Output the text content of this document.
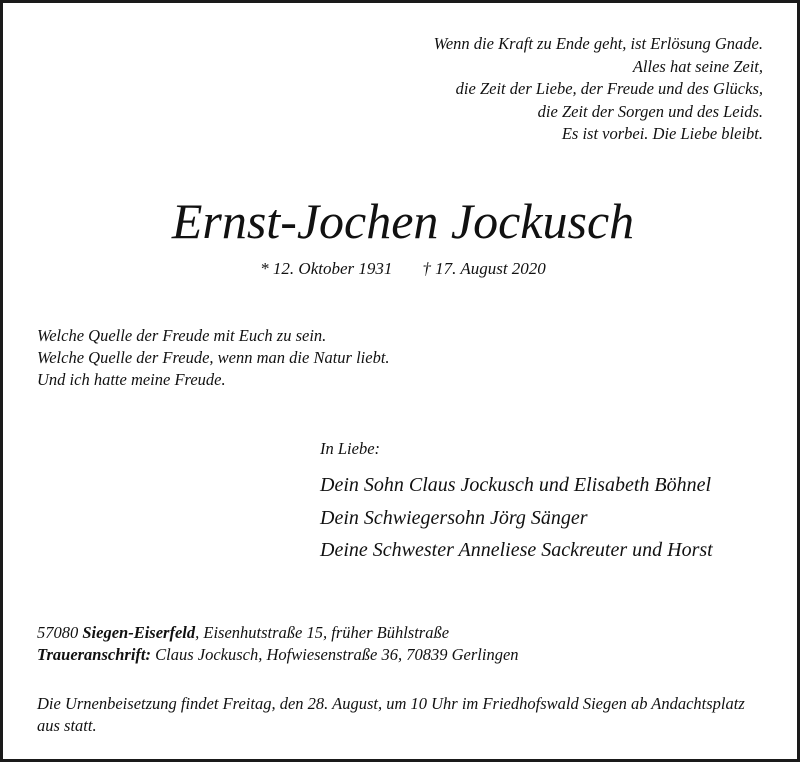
Wenn die Kraft zu Ende geht, ist Erlösung Gnade.
Alles hat seine Zeit,
die Zeit der Liebe, der Freude und des Glücks,
die Zeit der Sorgen und des Leids.
Es ist vorbei. Die Liebe bleibt.
Ernst-Jochen Jockusch
* 12. Oktober 1931 † 17. August 2020
Welche Quelle der Freude mit Euch zu sein.
Welche Quelle der Freude, wenn man die Natur liebt.
Und ich hatte meine Freude.
In Liebe:
Dein Sohn Claus Jockusch und Elisabeth Böhnel
Dein Schwiegersohn Jörg Sänger
Deine Schwester Anneliese Sackreuter und Horst
57080 Siegen-Eiserfeld, Eisenhutstraße 15, früher Bühlstraße
Traueranschrift: Claus Jockusch, Hofwiesenstraße 36, 70839 Gerlingen
Die Urnenbeisetzung findet Freitag, den 28. August, um 10 Uhr im Friedhofswald Siegen ab Andachtsplatz aus statt.
